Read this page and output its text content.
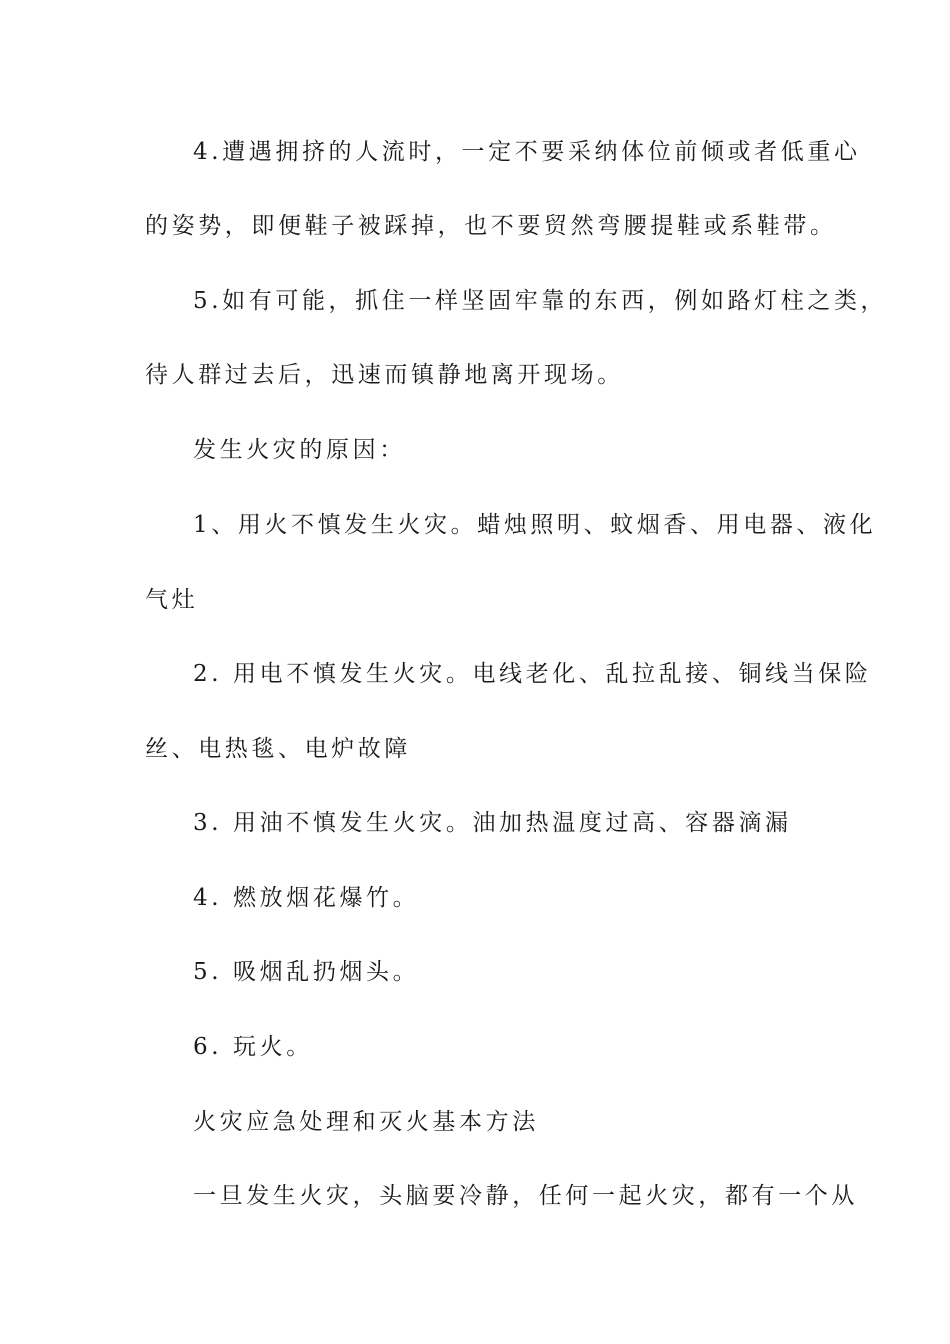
4.遭遇拥挤的人流时，一定不要采纳体位前倾或者低重心
的姿势，即便鞋子被踩掉，也不要贸然弯腰提鞋或系鞋带。
5.如有可能，抓住一样坚固牢靠的东西，例如路灯柱之类，
待人群过去后，迅速而镇静地离开现场。
发生火灾的原因：
1、用火不慎发生火灾。蜡烛照明、蚊烟香、用电器、液化
气灶
2. 用电不慎发生火灾。电线老化、乱拉乱接、铜线当保险
丝、电热毯、电炉故障
3. 用油不慎发生火灾。油加热温度过高、容器滴漏
4. 燃放烟花爆竹。
5. 吸烟乱扔烟头。
6. 玩火。
火灾应急处理和灭火基本方法
一旦发生火灾，头脑要冷静，任何一起火灾，都有一个从
